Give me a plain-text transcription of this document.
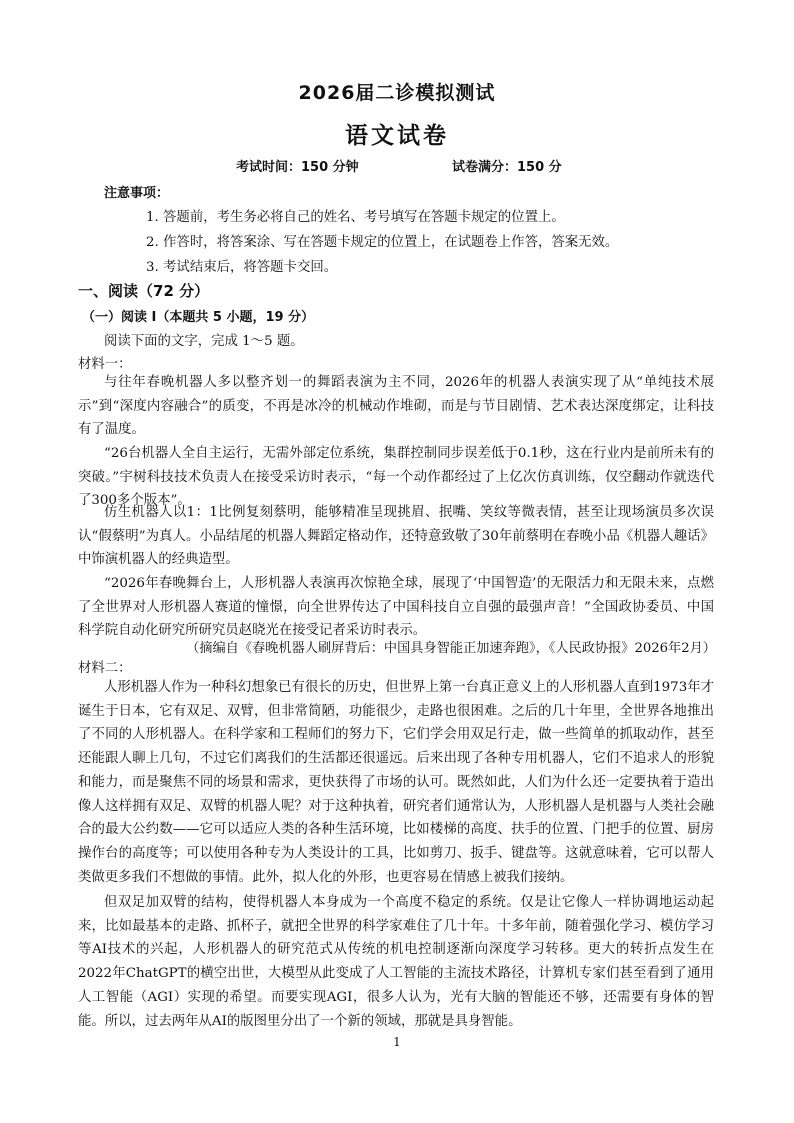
2026届二诊模拟测试
语文试卷
考试时间：150 分钟	试卷满分：150 分
注意事项：
1. 答题前，考生务必将自己的姓名、考号填写在答题卡规定的位置上。
2. 作答时，将答案涂、写在答题卡规定的位置上，在试题卷上作答，答案无效。
3. 考试结束后，将答题卡交回。
一、阅读（72 分）
（一）阅读 Ⅰ（本题共 5 小题，19 分）
阅读下面的文字，完成 1～5 题。
材料一：
与往年春晚机器人多以整齐划一的舞蹈表演为主不同，2026年的机器人表演实现了从“单纯技术展示”到“深度内容融合”的质变，不再是冰冷的机械动作堆砌，而是与节目剧情、艺术表达深度绑定，让科技有了温度。
“26台机器人全自主运行，无需外部定位系统，集群控制同步误差低于0.1秒，这在行业内是前所未有的突破。”宇树科技技术负责人在接受采访时表示，“每一个动作都经过了上亿次仿真训练，仅空翻动作就迭代了300多个版本”。
仿生机器人以1：1比例复刻蔡明，能够精准呈现挑眉、抿嘴、笑纹等微表情，甚至让现场演员多次误认“假蔡明”为真人。小品结尾的机器人舞蹈定格动作，还特意致敬了30年前蔡明在春晚小品《机器人趣话》中饰演机器人的经典造型。
“2026年春晚舞台上，人形机器人表演再次惊艳全球，展现了‘中国智造’的无限活力和无限未来，点燃了全世界对人形机器人赛道的憧憬，向全世界传达了中国科技自立自强的最强声音！”全国政协委员、中国科学院自动化研究所研究员赵晓光在接受记者采访时表示。
（摘编自《春晚机器人刷屏背后：中国具身智能正加速奔跑》，《人民政协报》2026年2月）
材料二：
人形机器人作为一种科幻想象已有很长的历史，但世界上第一台真正意义上的人形机器人直到1973年才诞生于日本，它有双足、双臂，但非常简陋，功能很少，走路也很困难。之后的几十年里，全世界各地推出了不同的人形机器人。在科学家和工程师们的努力下，它们学会用双足行走，做一些简单的抓取动作，甚至还能跟人聊上几句，不过它们离我们的生活都还很遥远。后来出现了各种专用机器人，它们不追求人的形貌和能力，而是聚焦不同的场景和需求，更快获得了市场的认可。既然如此，人们为什么还一定要执着于造出像人这样拥有双足、双臂的机器人呢？对于这种执着，研究者们通常认为，人形机器人是机器与人类社会融合的最大公约数——它可以适应人类的各种生活环境，比如楼梯的高度、扶手的位置、门把手的位置、厨房操作台的高度等；可以使用各种专为人类设计的工具，比如剪刀、扳手、键盘等。这就意味着，它可以帮人类做更多我们不想做的事情。此外，拟人化的外形，也更容易在情感上被我们接纳。
但双足加双臂的结构，使得机器人本身成为一个高度不稳定的系统。仅是让它像人一样协调地运动起来，比如最基本的走路、抓杯子，就把全世界的科学家难住了几十年。十多年前，随着强化学习、模仿学习等AI技术的兴起，人形机器人的研究范式从传统的机电控制逐渐向深度学习转移。更大的转折点发生在2022年ChatGPT的横空出世，大模型从此变成了人工智能的主流技术路径，计算机专家们甚至看到了通用人工智能（AGI）实现的希望。而要实现AGI，很多人认为，光有大脑的智能还不够，还需要有身体的智能。所以，过去两年从AI的版图里分出了一个新的领域，那就是具身智能。
1
